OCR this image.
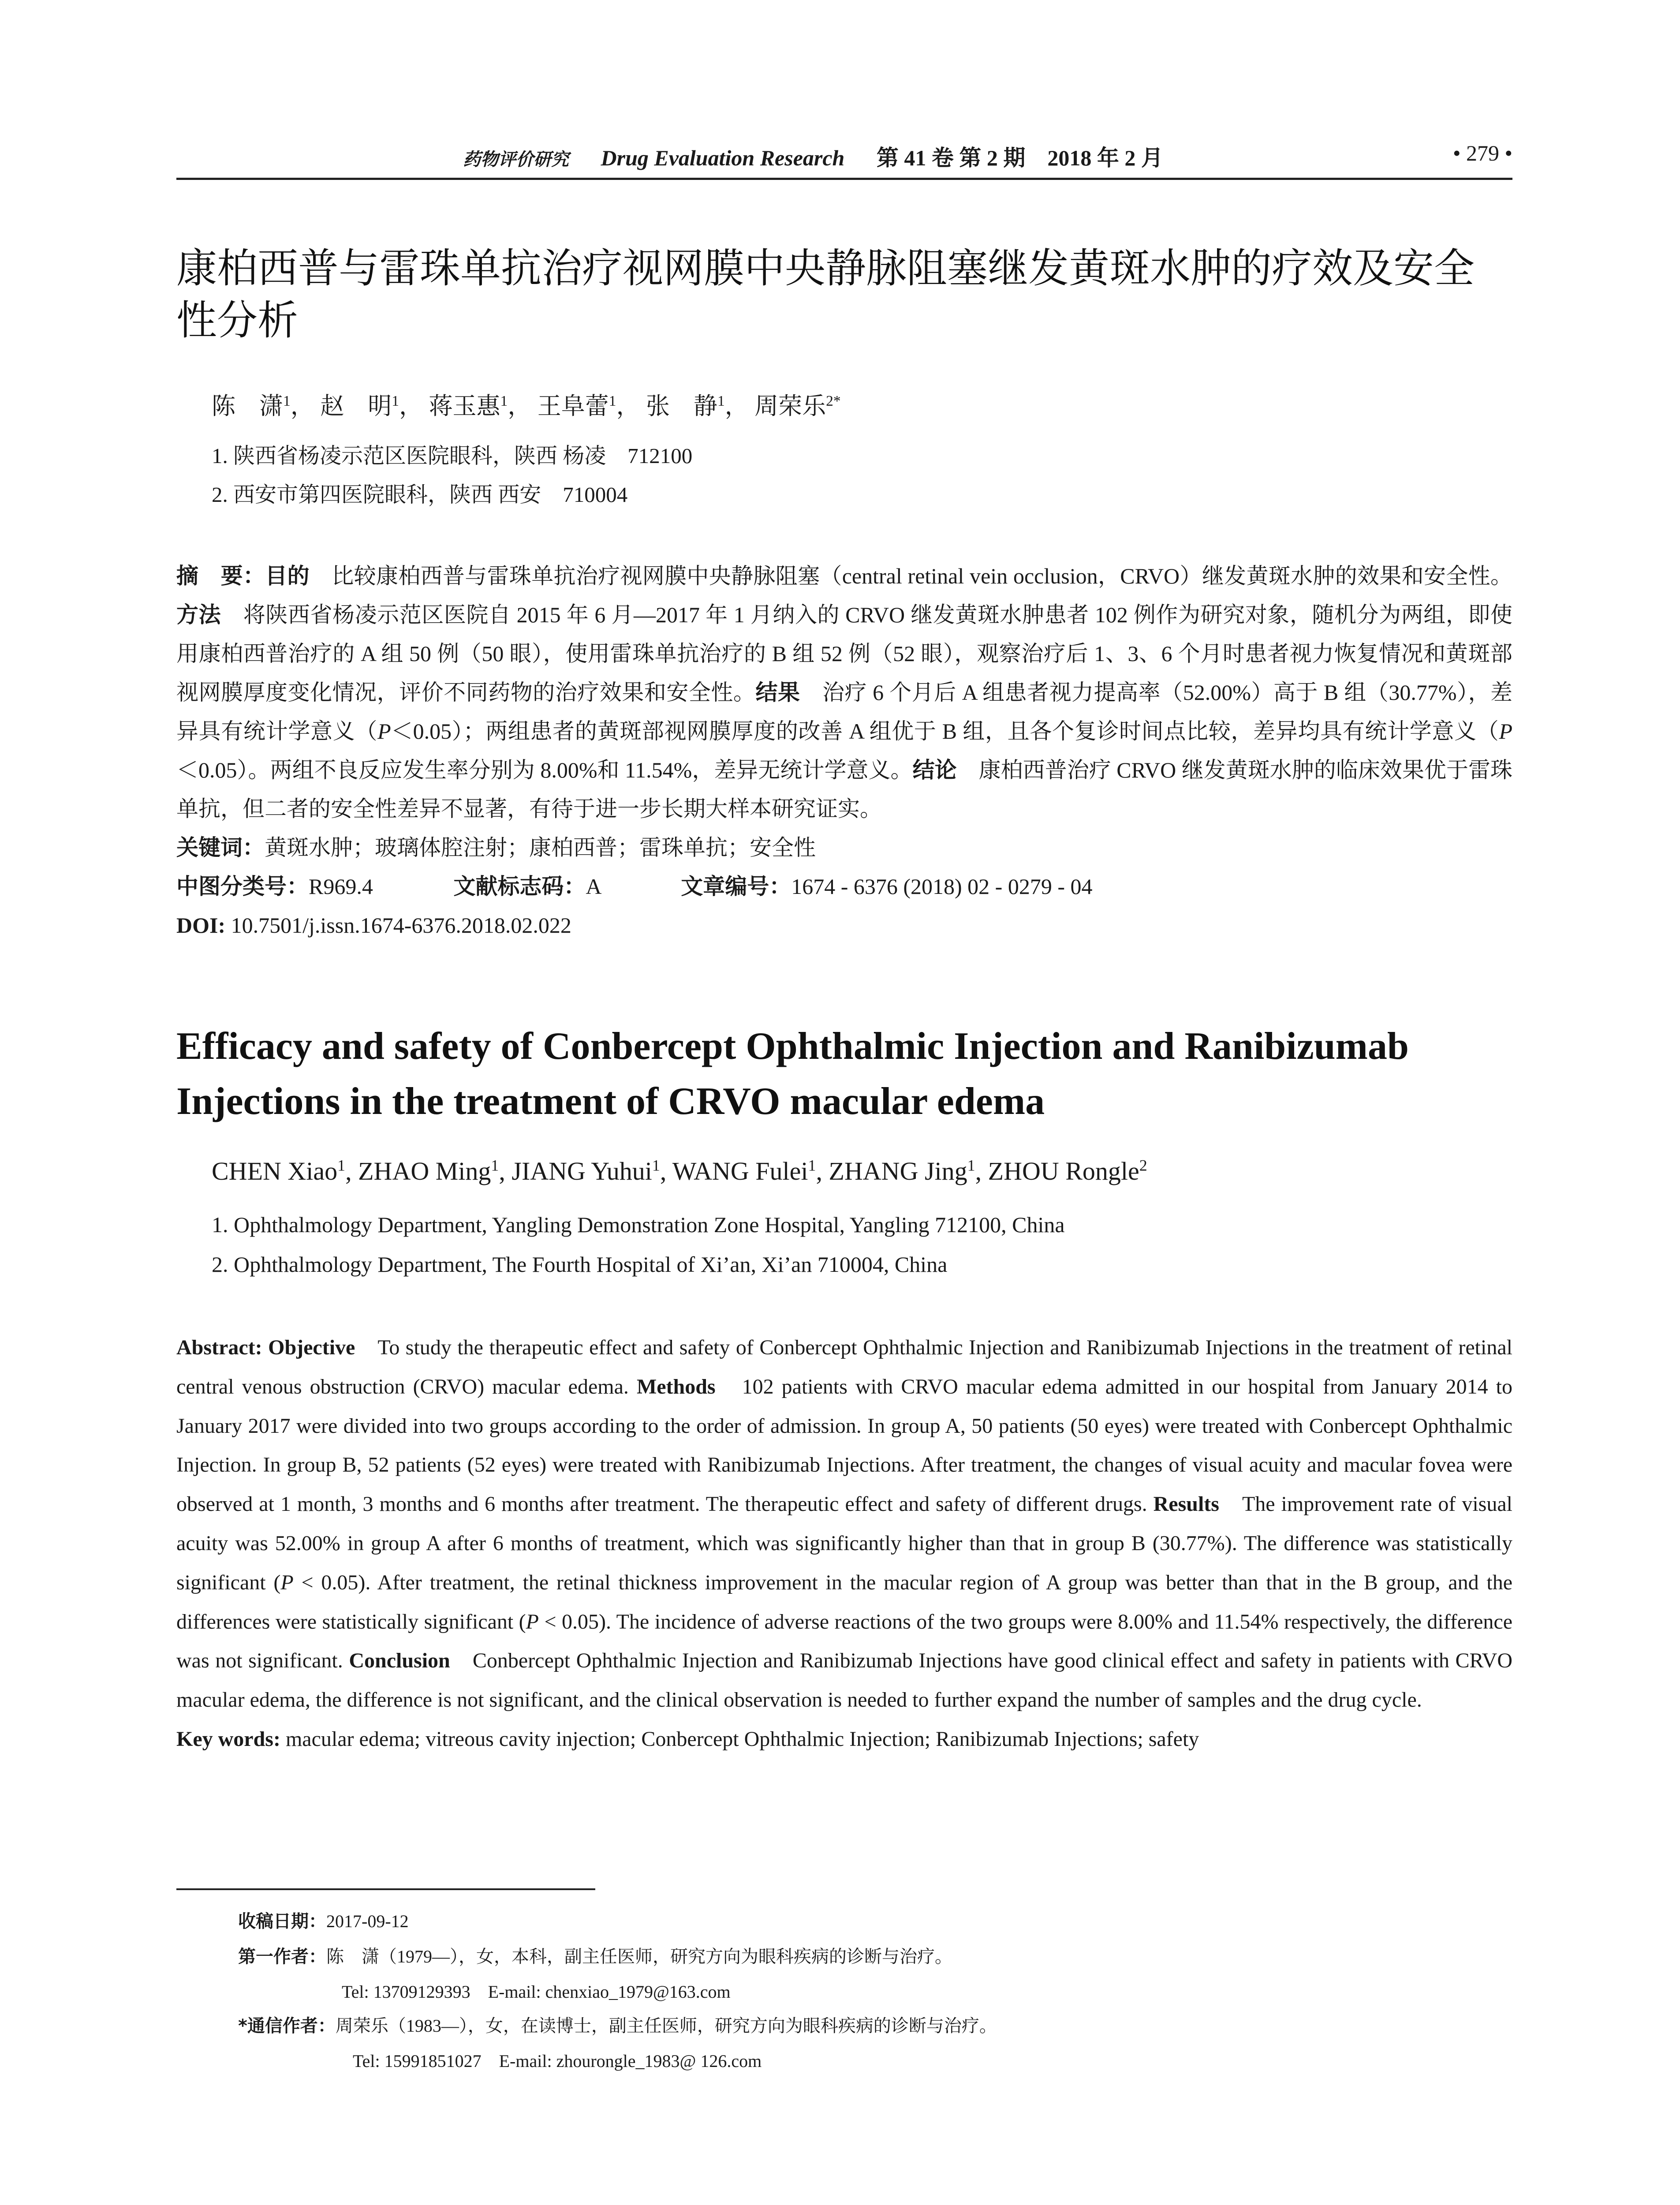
药物评价研究 Drug Evaluation Research 第 41 卷 第 2 期　2018 年 2 月	• 279 •
康柏西普与雷珠单抗治疗视网膜中央静脉阻塞继发黄斑水肿的疗效及安全性分析
陈　潇$^1$， 赵　明$^1$， 蒋玉惠$^1$， 王阜蕾$^1$， 张　静$^1$， 周荣乐$^{2*}$
1. 陕西省杨凌示范区医院眼科，陕西 杨凌　712100
2. 西安市第四医院眼科，陕西 西安　710004
摘　要：目的　 比较康柏西普与雷珠单抗治疗视网膜中央静脉阻塞（central retinal vein occlusion，CRVO）继发黄斑水肿的效果和安全性。方法　 将陕西省杨凌示范区医院自 2015 年 6 月—2017 年 1 月纳入的 CRVO 继发黄斑水肿患者 102 例作为研究对象，随机分为两组，即使用康柏西普治疗的 A 组 50 例（50 眼），使用雷珠单抗治疗的 B 组 52 例（52 眼），观察治疗后 1、3、6 个月时患者视力恢复情况和黄斑部视网膜厚度变化情况，评价不同药物的治疗效果和安全性。结果　 治疗 6 个月后 A 组患者视力提高率（52.00%）高于 B 组（30.77%），差异具有统计学意义（P＜0.05）；两组患者的黄斑部视网膜厚度的改善 A 组优于 B 组，且各个复诊时间点比较，差异均具有统计学意义（P＜0.05）。两组不良反应发生率分别为 8.00%和 11.54%，差异无统计学意义。结论　 康柏西普治疗 CRVO 继发黄斑水肿的临床效果优于雷珠单抗，但二者的安全性差异不显著，有待于进一步长期大样本研究证实。
关键词：黄斑水肿；玻璃体腔注射；康柏西普；雷珠单抗；安全性
中图分类号：R969.4	文献标志码：A	文章编号：1674 - 6376 (2018) 02 - 0279 - 04
DOI: 10.7501/j.issn.1674-6376.2018.02.022
Efficacy and safety of Conbercept Ophthalmic Injection and Ranibizumab Injections in the treatment of CRVO macular edema
CHEN Xiao$^1$, ZHAO Ming$^1$, JIANG Yuhui$^1$, WANG Fulei$^1$, ZHANG Jing$^1$, ZHOU Rongle$^2$
1. Ophthalmology Department, Yangling Demonstration Zone Hospital, Yangling 712100, China
2. Ophthalmology Department, The Fourth Hospital of Xi’an, Xi’an 710004, China
Abstract: Objective　 To study the therapeutic effect and safety of Conbercept Ophthalmic Injection and Ranibizumab Injections in the treatment of retinal central venous obstruction (CRVO) macular edema. Methods　 102 patients with CRVO macular edema admitted in our hospital from January 2014 to January 2017 were divided into two groups according to the order of admission. In group A, 50 patients (50 eyes) were treated with Conbercept Ophthalmic Injection. In group B, 52 patients (52 eyes) were treated with Ranibizumab Injections. After treatment, the changes of visual acuity and macular fovea were observed at 1 month, 3 months and 6 months after treatment. The therapeutic effect and safety of different drugs. Results　 The improvement rate of visual acuity was 52.00% in group A after 6 months of treatment, which was significantly higher than that in group B (30.77%). The difference was statistically significant (P < 0.05). After treatment, the retinal thickness improvement in the macular region of A group was better than that in the B group, and the differences were statistically significant (P < 0.05). The incidence of adverse reactions of the two groups were 8.00% and 11.54% respectively, the difference was not significant. Conclusion　 Conbercept Ophthalmic Injection and Ranibizumab Injections have good clinical effect and safety in patients with CRVO macular edema, the difference is not significant, and the clinical observation is needed to further expand the number of samples and the drug cycle.
Key words: macular edema; vitreous cavity injection; Conbercept Ophthalmic Injection; Ranibizumab Injections; safety
收稿日期：2017-09-12
第一作者：陈　潇（1979—），女，本科，副主任医师，研究方向为眼科疾病的诊断与治疗。
Tel: 13709129393　E-mail: chenxiao_1979@163.com
*通信作者：周荣乐（1983—），女，在读博士，副主任医师，研究方向为眼科疾病的诊断与治疗。
Tel: 15991851027　E-mail: zhourongle_1983@ 126.com
